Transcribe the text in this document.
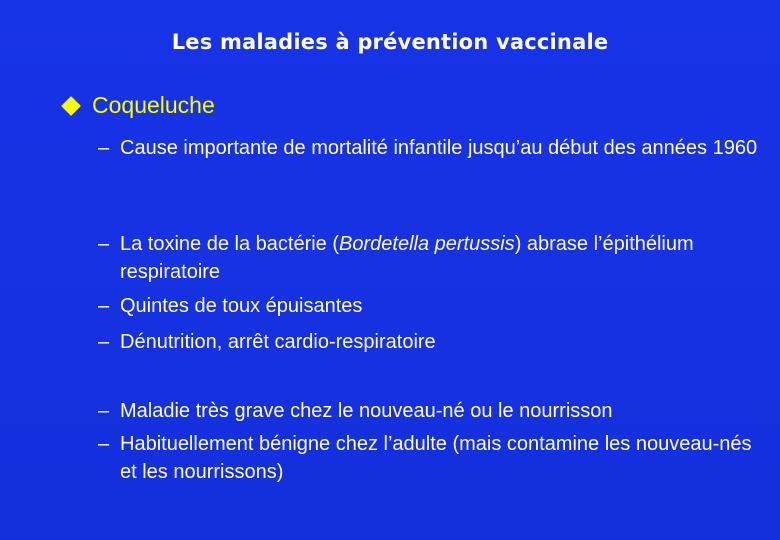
Les maladies à prévention vaccinale
Coqueluche
– Cause importante de mortalité infantile jusqu’au début des années 1960
– La toxine de la bactérie (Bordetella pertussis) abrase l’épithélium respiratoire
– Quintes de toux épuisantes
– Dénutrition, arrêt cardio-respiratoire
– Maladie très grave chez le nouveau-né ou le nourrisson
– Habituellement bénigne chez l’adulte (mais contamine les nouveau-nés et les nourrissons)
